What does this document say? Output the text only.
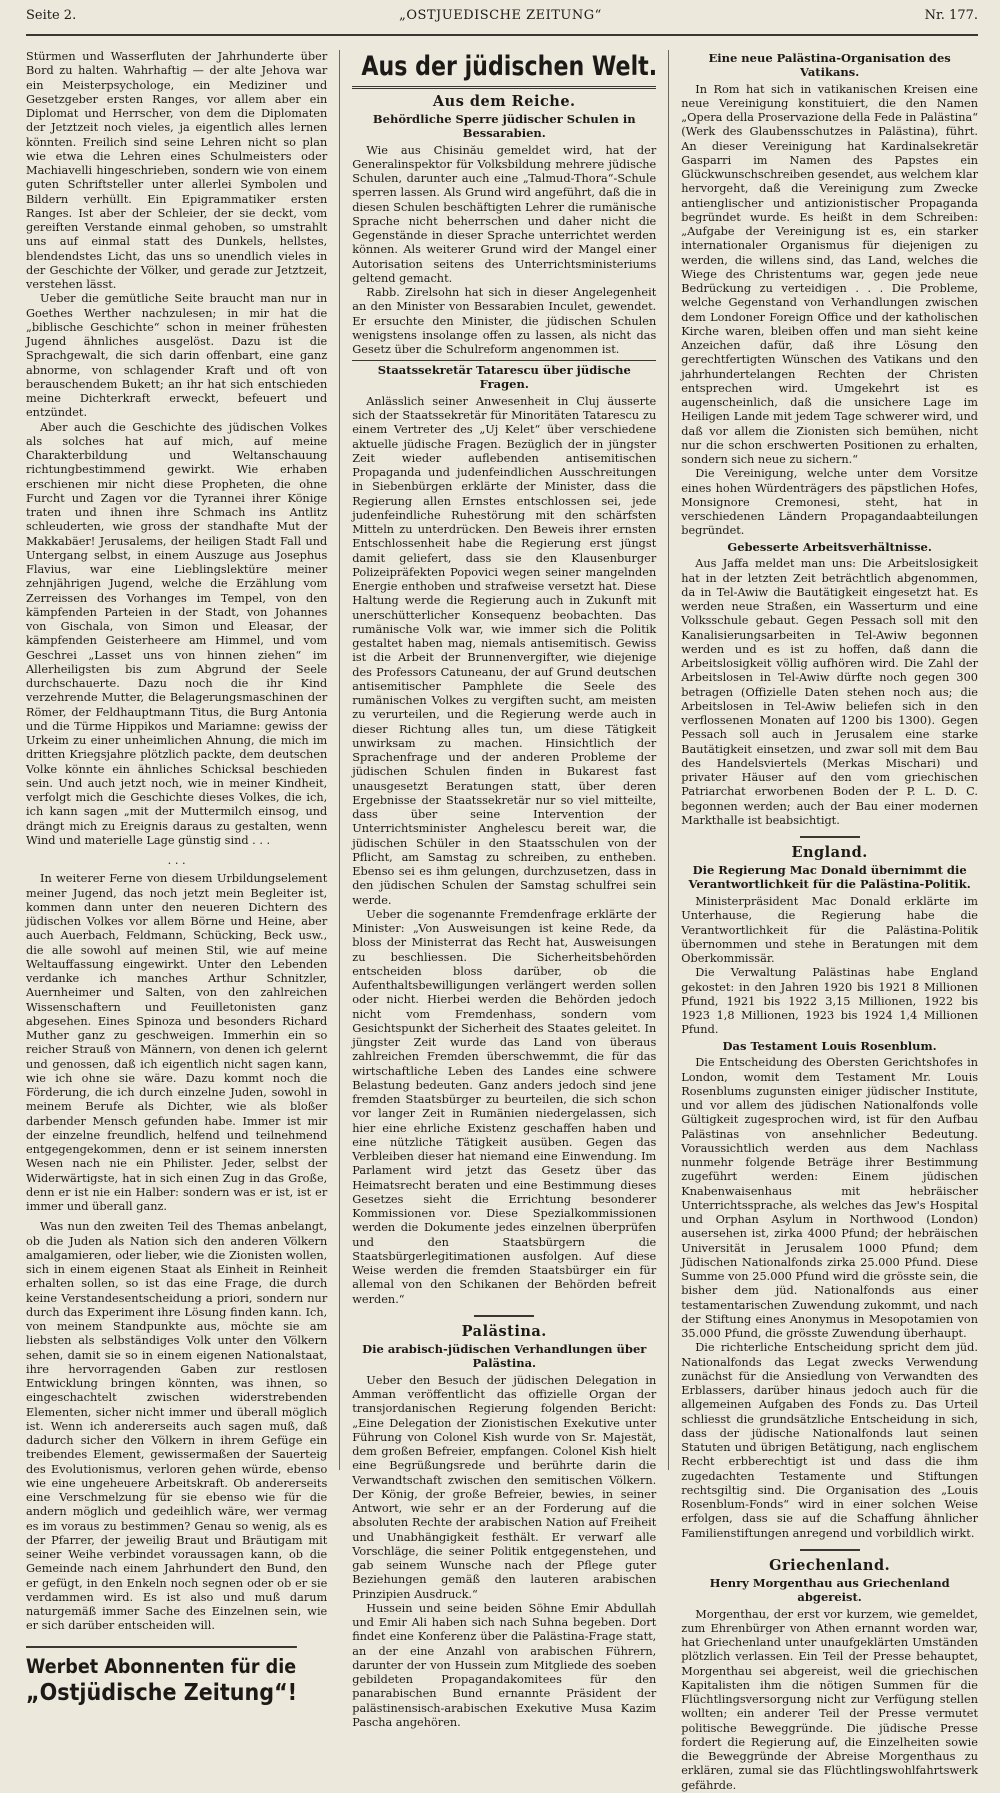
Seite 2.	„OSTJUEDISCHE ZEITUNG“	Nr. 177.

Stürmen und Wasserfluten der Jahrhunderte über Bord zu halten. Wahrhaftig — der alte Jehova war ein Meisterpsychologe, ein Mediziner und Gesetzgeber ersten Ranges, vor allem aber ein Diplomat und Herrscher, von dem die Diplomaten der Jetztzeit noch vieles, ja eigentlich alles lernen könnten. Freilich sind seine Lehren nicht so plan wie etwa die Lehren eines Schulmeisters oder Machiavelli hingeschrieben, sondern wie von einem guten Schriftsteller unter allerlei Symbolen und Bildern verhüllt. Ein Epigrammatiker ersten Ranges. Ist aber der Schleier, der sie deckt, vom gereiften Verstande einmal gehoben, so umstrahlt uns auf einmal statt des Dunkels, hellstes, blendendstes Licht, das uns so unendlich vieles in der Geschichte der Völker, und gerade zur Jetztzeit, verstehen lässt.

Ueber die gemütliche Seite braucht man nur in Goethes Werther nachzulesen; in mir hat die „biblische Geschichte“ schon in meiner frühesten Jugend ähnliches ausgelöst. Dazu ist die Sprachgewalt, die sich darin offenbart, eine ganz abnorme, von schlagender Kraft und oft von berauschendem Bukett; an ihr hat sich entschieden meine Dichterkraft erweckt, befeuert und entzündet.

Aber auch die Geschichte des jüdischen Volkes als solches hat auf mich, auf meine Charakterbildung und Weltanschauung richtungbestimmend gewirkt. Wie erhaben erschienen mir nicht diese Propheten, die ohne Furcht und Zagen vor die Tyrannei ihrer Könige traten und ihnen ihre Schmach ins Antlitz schleuderten, wie gross der standhafte Mut der Makkabäer! Jerusalems, der heiligen Stadt Fall und Untergang selbst, in einem Auszuge aus Josephus Flavius, war eine Lieblingslektüre meiner zehnjährigen Jugend, welche die Erzählung vom Zerreissen des Vorhanges im Tempel, von den kämpfenden Parteien in der Stadt, von Johannes von Gischala, von Simon und Eleasar, der kämpfenden Geisterheere am Himmel, und vom Geschrei „Lasset uns von hinnen ziehen“ im Allerheiligsten bis zum Abgrund der Seele durchschauerte. Dazu noch die ihr Kind verzehrende Mutter, die Belagerungsmaschinen der Römer, der Feldhauptmann Titus, die Burg Antonia und die Türme Hippikos und Mariamne: gewiss der Urkeim zu einer unheimlichen Ahnung, die mich im dritten Kriegsjahre plötzlich packte, dem deutschen Volke könnte ein ähnliches Schicksal beschieden sein. Und auch jetzt noch, wie in meiner Kindheit, verfolgt mich die Geschichte dieses Volkes, die ich, ich kann sagen „mit der Muttermilch einsog, und drängt mich zu Ereignis daraus zu gestalten, wenn Wind und materielle Lage günstig sind . . .

. . .

In weiterer Ferne von diesem Urbildungselement meiner Jugend, das noch jetzt mein Begleiter ist, kommen dann unter den neueren Dichtern des jüdischen Volkes vor allem Börne und Heine, aber auch Auerbach, Feldmann, Schücking, Beck usw., die alle sowohl auf meinen Stil, wie auf meine Weltauffassung eingewirkt. Unter den Lebenden verdanke ich manches Arthur Schnitzler, Auernheimer und Salten, von den zahlreichen Wissenschaftern und Feuilletonisten ganz abgesehen. Eines Spinoza und besonders Richard Muther ganz zu geschweigen. Immerhin ein so reicher Strauß von Männern, von denen ich gelernt und genossen, daß ich eigentlich nicht sagen kann, wie ich ohne sie wäre. Dazu kommt noch die Förderung, die ich durch einzelne Juden, sowohl in meinem Berufe als Dichter, wie als bloßer darbender Mensch gefunden habe. Immer ist mir der einzelne freundlich, helfend und teilnehmend entgegengekommen, denn er ist seinem innersten Wesen nach nie ein Philister. Jeder, selbst der Widerwärtigste, hat in sich einen Zug in das Große, denn er ist nie ein Halber: sondern was er ist, ist er immer und überall ganz.

Was nun den zweiten Teil des Themas anbelangt, ob die Juden als Nation sich den anderen Völkern amalgamieren, oder lieber, wie die Zionisten wollen, sich in einem eigenen Staat als Einheit in Reinheit erhalten sollen, so ist das eine Frage, die durch keine Verstandesentscheidung a priori, sondern nur durch das Experiment ihre Lösung finden kann. Ich, von meinem Standpunkte aus, möchte sie am liebsten als selbständiges Volk unter den Völkern sehen, damit sie so in einem eigenen Nationalstaat, ihre hervorragenden Gaben zur restlosen Entwicklung bringen könnten, was ihnen, so eingeschachtelt zwischen widerstrebenden Elementen, sicher nicht immer und überall möglich ist. Wenn ich andererseits auch sagen muß, daß dadurch sicher den Völkern in ihrem Gefüge ein treibendes Element, gewissermaßen der Sauerteig des Evolutionismus, verloren gehen würde, ebenso wie eine ungeheuere Arbeitskraft. Ob andererseits eine Verschmelzung für sie ebenso wie für die andern möglich und gedeihlich wäre, wer vermag es im voraus zu bestimmen? Genau so wenig, als es der Pfarrer, der jeweilig Braut und Bräutigam mit seiner Weihe verbindet voraussagen kann, ob die Gemeinde nach einem Jahrhundert den Bund, den er gefügt, in den Enkeln noch segnen oder ob er sie verdammen wird. Es ist also und muß darum naturgemäß immer Sache des Einzelnen sein, wie er sich darüber entscheiden will.

Werbet Abonnenten für die
„Ostjüdische Zeitung“!
Aus der jüdischen Welt.
Aus dem Reiche.
Behördliche Sperre jüdischer Schulen in Bessarabien.

Wie aus Chisinău gemeldet wird, hat der Generalinspektor für Volksbildung mehrere jüdische Schulen, darunter auch eine „Talmud-Thora“-Schule sperren lassen. Als Grund wird angeführt, daß die in diesen Schulen beschäftigten Lehrer die rumänische Sprache nicht beherrschen und daher nicht die Gegenstände in dieser Sprache unterrichtet werden können. Als weiterer Grund wird der Mangel einer Autorisation seitens des Unterrichtsministeriums geltend gemacht.

Rabb. Zirelsohn hat sich in dieser Angelegenheit an den Minister von Bessarabien Inculet, gewendet. Er ersuchte den Minister, die jüdischen Schulen wenigstens insolange offen zu lassen, als nicht das Gesetz über die Schulreform angenommen ist.

Staatssekretär Tatarescu über jüdische Fragen.

Anlässlich seiner Anwesenheit in Cluj äusserte sich der Staatssekretär für Minoritäten Tatarescu zu einem Vertreter des „Uj Kelet“ über verschiedene aktuelle jüdische Fragen. Bezüglich der in jüngster Zeit wieder auflebenden antisemitischen Propaganda und judenfeindlichen Ausschreitungen in Siebenbürgen erklärte der Minister, dass die Regierung allen Ernstes entschlossen sei, jede judenfeindliche Ruhestörung mit den schärfsten Mitteln zu unterdrücken. Den Beweis ihrer ernsten Entschlossenheit habe die Regierung erst jüngst damit geliefert, dass sie den Klausenburger Polizeipräfekten Popovici wegen seiner mangelnden Energie enthoben und strafweise versetzt hat. Diese Haltung werde die Regierung auch in Zukunft mit unerschütterlicher Konsequenz beobachten. Das rumänische Volk war, wie immer sich die Politik gestaltet haben mag, niemals antisemitisch. Gewiss ist die Arbeit der Brunnenvergifter, wie diejenige des Professors Catuneanu, der auf Grund deutschen antisemitischer Pamphlete die Seele des rumänischen Volkes zu vergiften sucht, am meisten zu verurteilen, und die Regierung werde auch in dieser Richtung alles tun, um diese Tätigkeit unwirksam zu machen. Hinsichtlich der Sprachenfrage und der anderen Probleme der jüdischen Schulen finden in Bukarest fast unausgesetzt Beratungen statt, über deren Ergebnisse der Staatssekretär nur so viel mitteilte, dass über seine Intervention der Unterrichtsminister Anghelescu bereit war, die jüdischen Schüler in den Staatsschulen von der Pflicht, am Samstag zu schreiben, zu entheben. Ebenso sei es ihm gelungen, durchzusetzen, dass in den jüdischen Schulen der Samstag schulfrei sein werde.

Ueber die sogenannte Fremdenfrage erklärte der Minister: „Von Ausweisungen ist keine Rede, da bloss der Ministerrat das Recht hat, Ausweisungen zu beschliessen. Die Sicherheitsbehörden entscheiden bloss darüber, ob die Aufenthaltsbewilligungen verlängert werden sollen oder nicht. Hierbei werden die Behörden jedoch nicht vom Fremdenhass, sondern vom Gesichtspunkt der Sicherheit des Staates geleitet. In jüngster Zeit wurde das Land von überaus zahlreichen Fremden überschwemmt, die für das wirtschaftliche Leben des Landes eine schwere Belastung bedeuten. Ganz anders jedoch sind jene fremden Staatsbürger zu beurteilen, die sich schon vor langer Zeit in Rumänien niedergelassen, sich hier eine ehrliche Existenz geschaffen haben und eine nützliche Tätigkeit ausüben. Gegen das Verbleiben dieser hat niemand eine Einwendung. Im Parlament wird jetzt das Gesetz über das Heimatsrecht beraten und eine Bestimmung dieses Gesetzes sieht die Errichtung besonderer Kommissionen vor. Diese Spezialkommissionen werden die Dokumente jedes einzelnen überprüfen und den Staatsbürgern die Staatsbürgerlegitimationen ausfolgen. Auf diese Weise werden die fremden Staatsbürger ein für allemal von den Schikanen der Behörden befreit werden.“

Palästina.
Die arabisch-jüdischen Verhandlungen über Palästina.

Ueber den Besuch der jüdischen Delegation in Amman veröffentlicht das offizielle Organ der transjordanischen Regierung folgenden Bericht: „Eine Delegation der Zionistischen Exekutive unter Führung von Colonel Kish wurde von Sr. Majestät, dem großen Befreier, empfangen. Colonel Kish hielt eine Begrüßungsrede und berührte darin die Verwandtschaft zwischen den semitischen Völkern. Der König, der große Befreier, bewies, in seiner Antwort, wie sehr er an der Forderung auf die absoluten Rechte der arabischen Nation auf Freiheit und Unabhängigkeit festhält. Er verwarf alle Vorschläge, die seiner Politik entgegenstehen, und gab seinem Wunsche nach der Pflege guter Beziehungen gemäß den lauteren arabischen Prinzipien Ausdruck.“

Hussein und seine beiden Söhne Emir Abdullah und Emir Ali haben sich nach Suhna begeben. Dort findet eine Konferenz über die Palästina-Frage statt, an der eine Anzahl von arabischen Führern, darunter der von Hussein zum Mitgliede des soeben gebildeten Propagandakomitees für den panarabischen Bund ernannte Präsident der palästinensisch-arabischen Exekutive Musa Kazim Pascha angehören.

Eine neue Palästina-Organisation des Vatikans.

In Rom hat sich in vatikanischen Kreisen eine neue Vereinigung konstituiert, die den Namen „Opera della Proservazione della Fede in Palästina“ (Werk des Glaubensschutzes in Palästina), führt. An dieser Vereinigung hat Kardinalsekretär Gasparri im Namen des Papstes ein Glückwunschschreiben gesendet, aus welchem klar hervorgeht, daß die Vereinigung zum Zwecke antienglischer und antizionistischer Propaganda begründet wurde. Es heißt in dem Schreiben: „Aufgabe der Vereinigung ist es, ein starker internationaler Organismus für diejenigen zu werden, die willens sind, das Land, welches die Wiege des Christentums war, gegen jede neue Bedrückung zu verteidigen . . . Die Probleme, welche Gegenstand von Verhandlungen zwischen dem Londoner Foreign Office und der katholischen Kirche waren, bleiben offen und man sieht keine Anzeichen dafür, daß ihre Lösung den gerechtfertigten Wünschen des Vatikans und den jahrhundertelangen Rechten der Christen entsprechen wird. Umgekehrt ist es augenscheinlich, daß die unsichere Lage im Heiligen Lande mit jedem Tage schwerer wird, und daß vor allem die Zionisten sich bemühen, nicht nur die schon erschwerten Positionen zu erhalten, sondern sich neue zu sichern.“

Die Vereinigung, welche unter dem Vorsitze eines hohen Würdenträgers des päpstlichen Hofes, Monsignore Cremonesi, steht, hat in verschiedenen Ländern Propagandaabteilungen begründet.

Gebesserte Arbeitsverhältnisse.

Aus Jaffa meldet man uns: Die Arbeitslosigkeit hat in der letzten Zeit beträchtlich abgenommen, da in Tel-Awiw die Bautätigkeit eingesetzt hat. Es werden neue Straßen, ein Wasserturm und eine Volksschule gebaut. Gegen Pessach soll mit den Kanalisierungsarbeiten in Tel-Awiw begonnen werden und es ist zu hoffen, daß dann die Arbeitslosigkeit völlig aufhören wird. Die Zahl der Arbeitslosen in Tel-Awiw dürfte noch gegen 300 betragen (Offizielle Daten stehen noch aus; die Arbeitslosen in Tel-Awiw beliefen sich in den verflossenen Monaten auf 1200 bis 1300). Gegen Pessach soll auch in Jerusalem eine starke Bautätigkeit einsetzen, und zwar soll mit dem Bau des Handelsviertels (Merkas Mischari) und privater Häuser auf den vom griechischen Patriarchat erworbenen Boden der P. L. D. C. begonnen werden; auch der Bau einer modernen Markthalle ist beabsichtigt.

England.
Die Regierung Mac Donald übernimmt die Verantwortlichkeit für die Palästina-Politik.

Ministerpräsident Mac Donald erklärte im Unterhause, die Regierung habe die Verantwortlichkeit für die Palästina-Politik übernommen und stehe in Beratungen mit dem Oberkommissär.

Die Verwaltung Palästinas habe England gekostet: in den Jahren 1920 bis 1921 8 Millionen Pfund, 1921 bis 1922 3,15 Millionen, 1922 bis 1923 1,8 Millionen, 1923 bis 1924 1,4 Millionen Pfund.

Das Testament Louis Rosenblum.

Die Entscheidung des Obersten Gerichtshofes in London, womit dem Testament Mr. Louis Rosenblums zugunsten einiger jüdischer Institute, und vor allem des jüdischen Nationalfonds volle Gültigkeit zugesprochen wird, ist für den Aufbau Palästinas von ansehnlicher Bedeutung. Voraussichtlich werden aus dem Nachlass nunmehr folgende Beträge ihrer Bestimmung zugeführt werden: Einem jüdischen Knabenwaisenhaus mit hebräischer Unterrichtssprache, als welches das Jew's Hospital und Orphan Asylum in Northwood (London) ausersehen ist, zirka 4000 Pfund; der hebräischen Universität in Jerusalem 1000 Pfund; dem Jüdischen Nationalfonds zirka 25.000 Pfund. Diese Summe von 25.000 Pfund wird die grösste sein, die bisher dem jüd. Nationalfonds aus einer testamentarischen Zuwendung zukommt, und nach der Stiftung eines Anonymus in Mesopotamien von 35.000 Pfund, die grösste Zuwendung überhaupt.

Die richterliche Entscheidung spricht dem jüd. Nationalfonds das Legat zwecks Verwendung zunächst für die Ansiedlung von Verwandten des Erblassers, darüber hinaus jedoch auch für die allgemeinen Aufgaben des Fonds zu. Das Urteil schliesst die grundsätzliche Entscheidung in sich, dass der jüdische Nationalfonds laut seinen Statuten und übrigen Betätigung, nach englischem Recht erbberechtigt ist und dass die ihm zugedachten Testamente und Stiftungen rechtsgiltig sind. Die Organisation des „Louis Rosenblum-Fonds“ wird in einer solchen Weise erfolgen, dass sie auf die Schaffung ähnlicher Familienstiftungen anregend und vorbildlich wirkt.

Griechenland.
Henry Morgenthau aus Griechenland abgereist.

Morgenthau, der erst vor kurzem, wie gemeldet, zum Ehrenbürger von Athen ernannt worden war, hat Griechenland unter unaufgeklärten Umständen plötzlich verlassen. Ein Teil der Presse behauptet, Morgenthau sei abgereist, weil die griechischen Kapitalisten ihm die nötigen Summen für die Flüchtlingsversorgung nicht zur Verfügung stellen wollten; ein anderer Teil der Presse vermutet politische Beweggründe. Die jüdische Presse fordert die Regierung auf, die Einzelheiten sowie die Beweggründe der Abreise Morgenthaus zu erklären, zumal sie das Flüchtlingswohlfahrtswerk gefährde.
